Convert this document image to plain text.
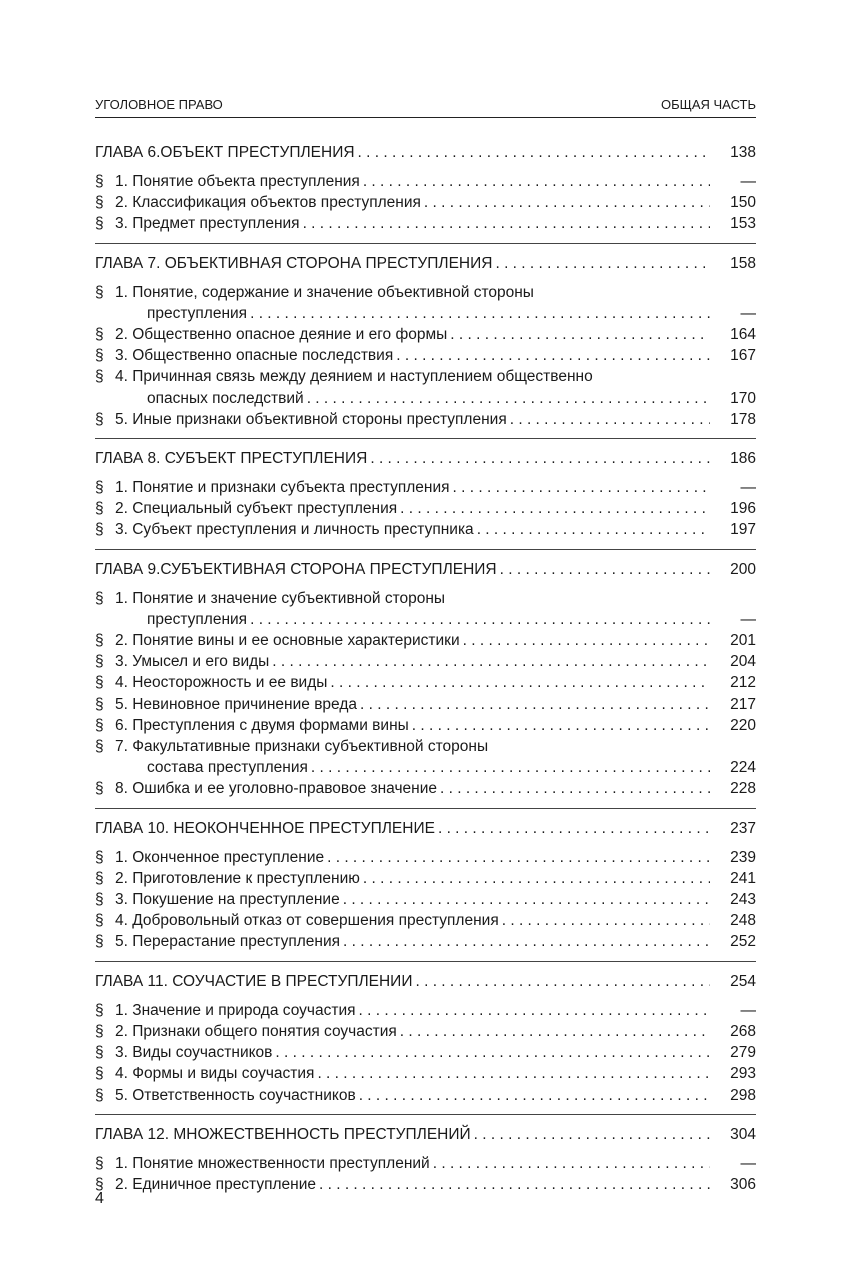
УГОЛОВНОЕ ПРАВО	ОБЩАЯ ЧАСТЬ
ГЛАВА 6.ОБЪЕКТ ПРЕСТУПЛЕНИЯ . . .	138
§ 1. Понятие объекта преступления . . .	—
§ 2. Классификация объектов преступления . . .	150
§ 3. Предмет преступления . . .	153
ГЛАВА 7. ОБЪЕКТИВНАЯ СТОРОНА ПРЕСТУПЛЕНИЯ . . .	158
§ 1. Понятие, содержание и значение объективной стороны
преступления . . .	—
§ 2. Общественно опасное деяние и его формы . . .	164
§ 3. Общественно опасные последствия . . .	167
§ 4. Причинная связь между деянием и наступлением общественно
опасных последствий . . .	170
§ 5. Иные признаки объективной стороны преступления . . .	178
ГЛАВА 8. СУБЪЕКТ ПРЕСТУПЛЕНИЯ . . .	186
§ 1. Понятие и признаки субъекта преступления . . .	—
§ 2. Специальный субъект преступления . . .	196
§ 3. Субъект преступления и личность преступника . . .	197
ГЛАВА 9.СУБЪЕКТИВНАЯ СТОРОНА ПРЕСТУПЛЕНИЯ . . .	200
§ 1. Понятие и значение субъективной стороны
преступления . . .	—
§ 2. Понятие вины и ее основные характеристики . . .	201
§ 3. Умысел и его виды . . .	204
§ 4. Неосторожность и ее виды . . .	212
§ 5. Невиновное причинение вреда . . .	217
§ 6. Преступления с двумя формами вины . . .	220
§ 7. Факультативные признаки субъективной стороны
состава преступления . . .	224
§ 8. Ошибка и ее уголовно-правовое значение . . .	228
ГЛАВА 10. НЕОКОНЧЕННОЕ ПРЕСТУПЛЕНИЕ . . .	237
§ 1. Оконченное преступление . . .	239
§ 2. Приготовление к преступлению . . .	241
§ 3. Покушение на преступление . . .	243
§ 4. Добровольный отказ от совершения преступления . . .	248
§ 5. Перерастание преступления . . .	252
ГЛАВА 11. СОУЧАСТИЕ В ПРЕСТУПЛЕНИИ . . .	254
§ 1. Значение и природа соучастия . . .	—
§ 2. Признаки общего понятия соучастия . . .	268
§ 3. Виды соучастников . . .	279
§ 4. Формы и виды соучастия . . .	293
§ 5. Ответственность соучастников . . .	298
ГЛАВА 12. МНОЖЕСТВЕННОСТЬ ПРЕСТУПЛЕНИЙ . . .	304
§ 1. Понятие множественности преступлений . . .	—
§ 2. Единичное преступление . . .	306
4
